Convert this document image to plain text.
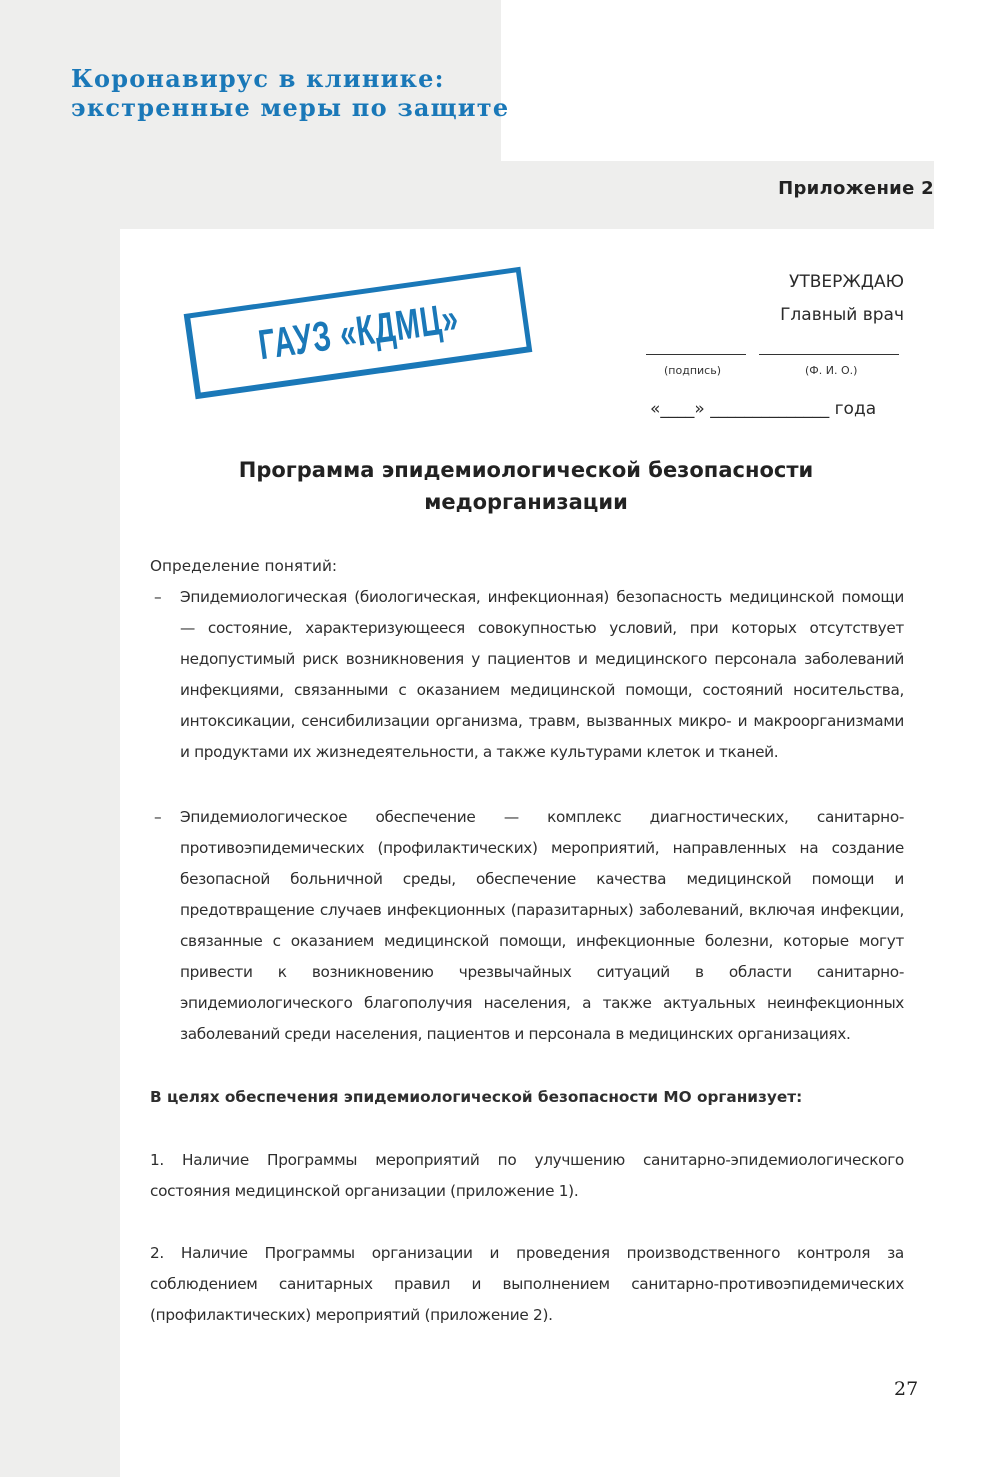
Коронавирус в клинике:
экстренные меры по защите
Приложение 2
ГАУЗ «КДМЦ»
УТВЕРЖДАЮ
Главный врач
(подпись)	(Ф. И. О.)
«____» ______________ года
Программа эпидемиологической безопасности
медорганизации
Определение понятий:
– Эпидемиологическая (биологическая, инфекционная) безопасность медицинской помощи — состояние, характеризующееся совокупностью условий, при которых отсутствует недопустимый риск возникновения у пациентов и медицинского персонала заболеваний инфекциями, связанными с оказанием медицинской помощи, состояний носительства, интоксикации, сенсибилизации организма, травм, вызванных микро- и макроорганизмами и продуктами их жизнедеятельности, а также культурами клеток и тканей.
– Эпидемиологическое обеспечение — комплекс диагностических, санитарно-противоэпидемических (профилактических) мероприятий, направленных на создание безопасной больничной среды, обеспечение качества медицинской помощи и предотвращение случаев инфекционных (паразитарных) заболеваний, включая инфекции, связанные с оказанием медицинской помощи, инфекционные болезни, которые могут привести к возникновению чрезвычайных ситуаций в области санитарно-эпидемиологического благополучия населения, а также актуальных неинфекционных заболеваний среди населения, пациентов и персонала в медицинских организациях.
В целях обеспечения эпидемиологической безопасности МО организует:
1. Наличие Программы мероприятий по улучшению санитарно-эпидемиологического состояния медицинской организации (приложение 1).
2. Наличие Программы организации и проведения производственного контроля за соблюдением санитарных правил и выполнением санитарно-противоэпидемических (профилактических) мероприятий (приложение 2).
27
